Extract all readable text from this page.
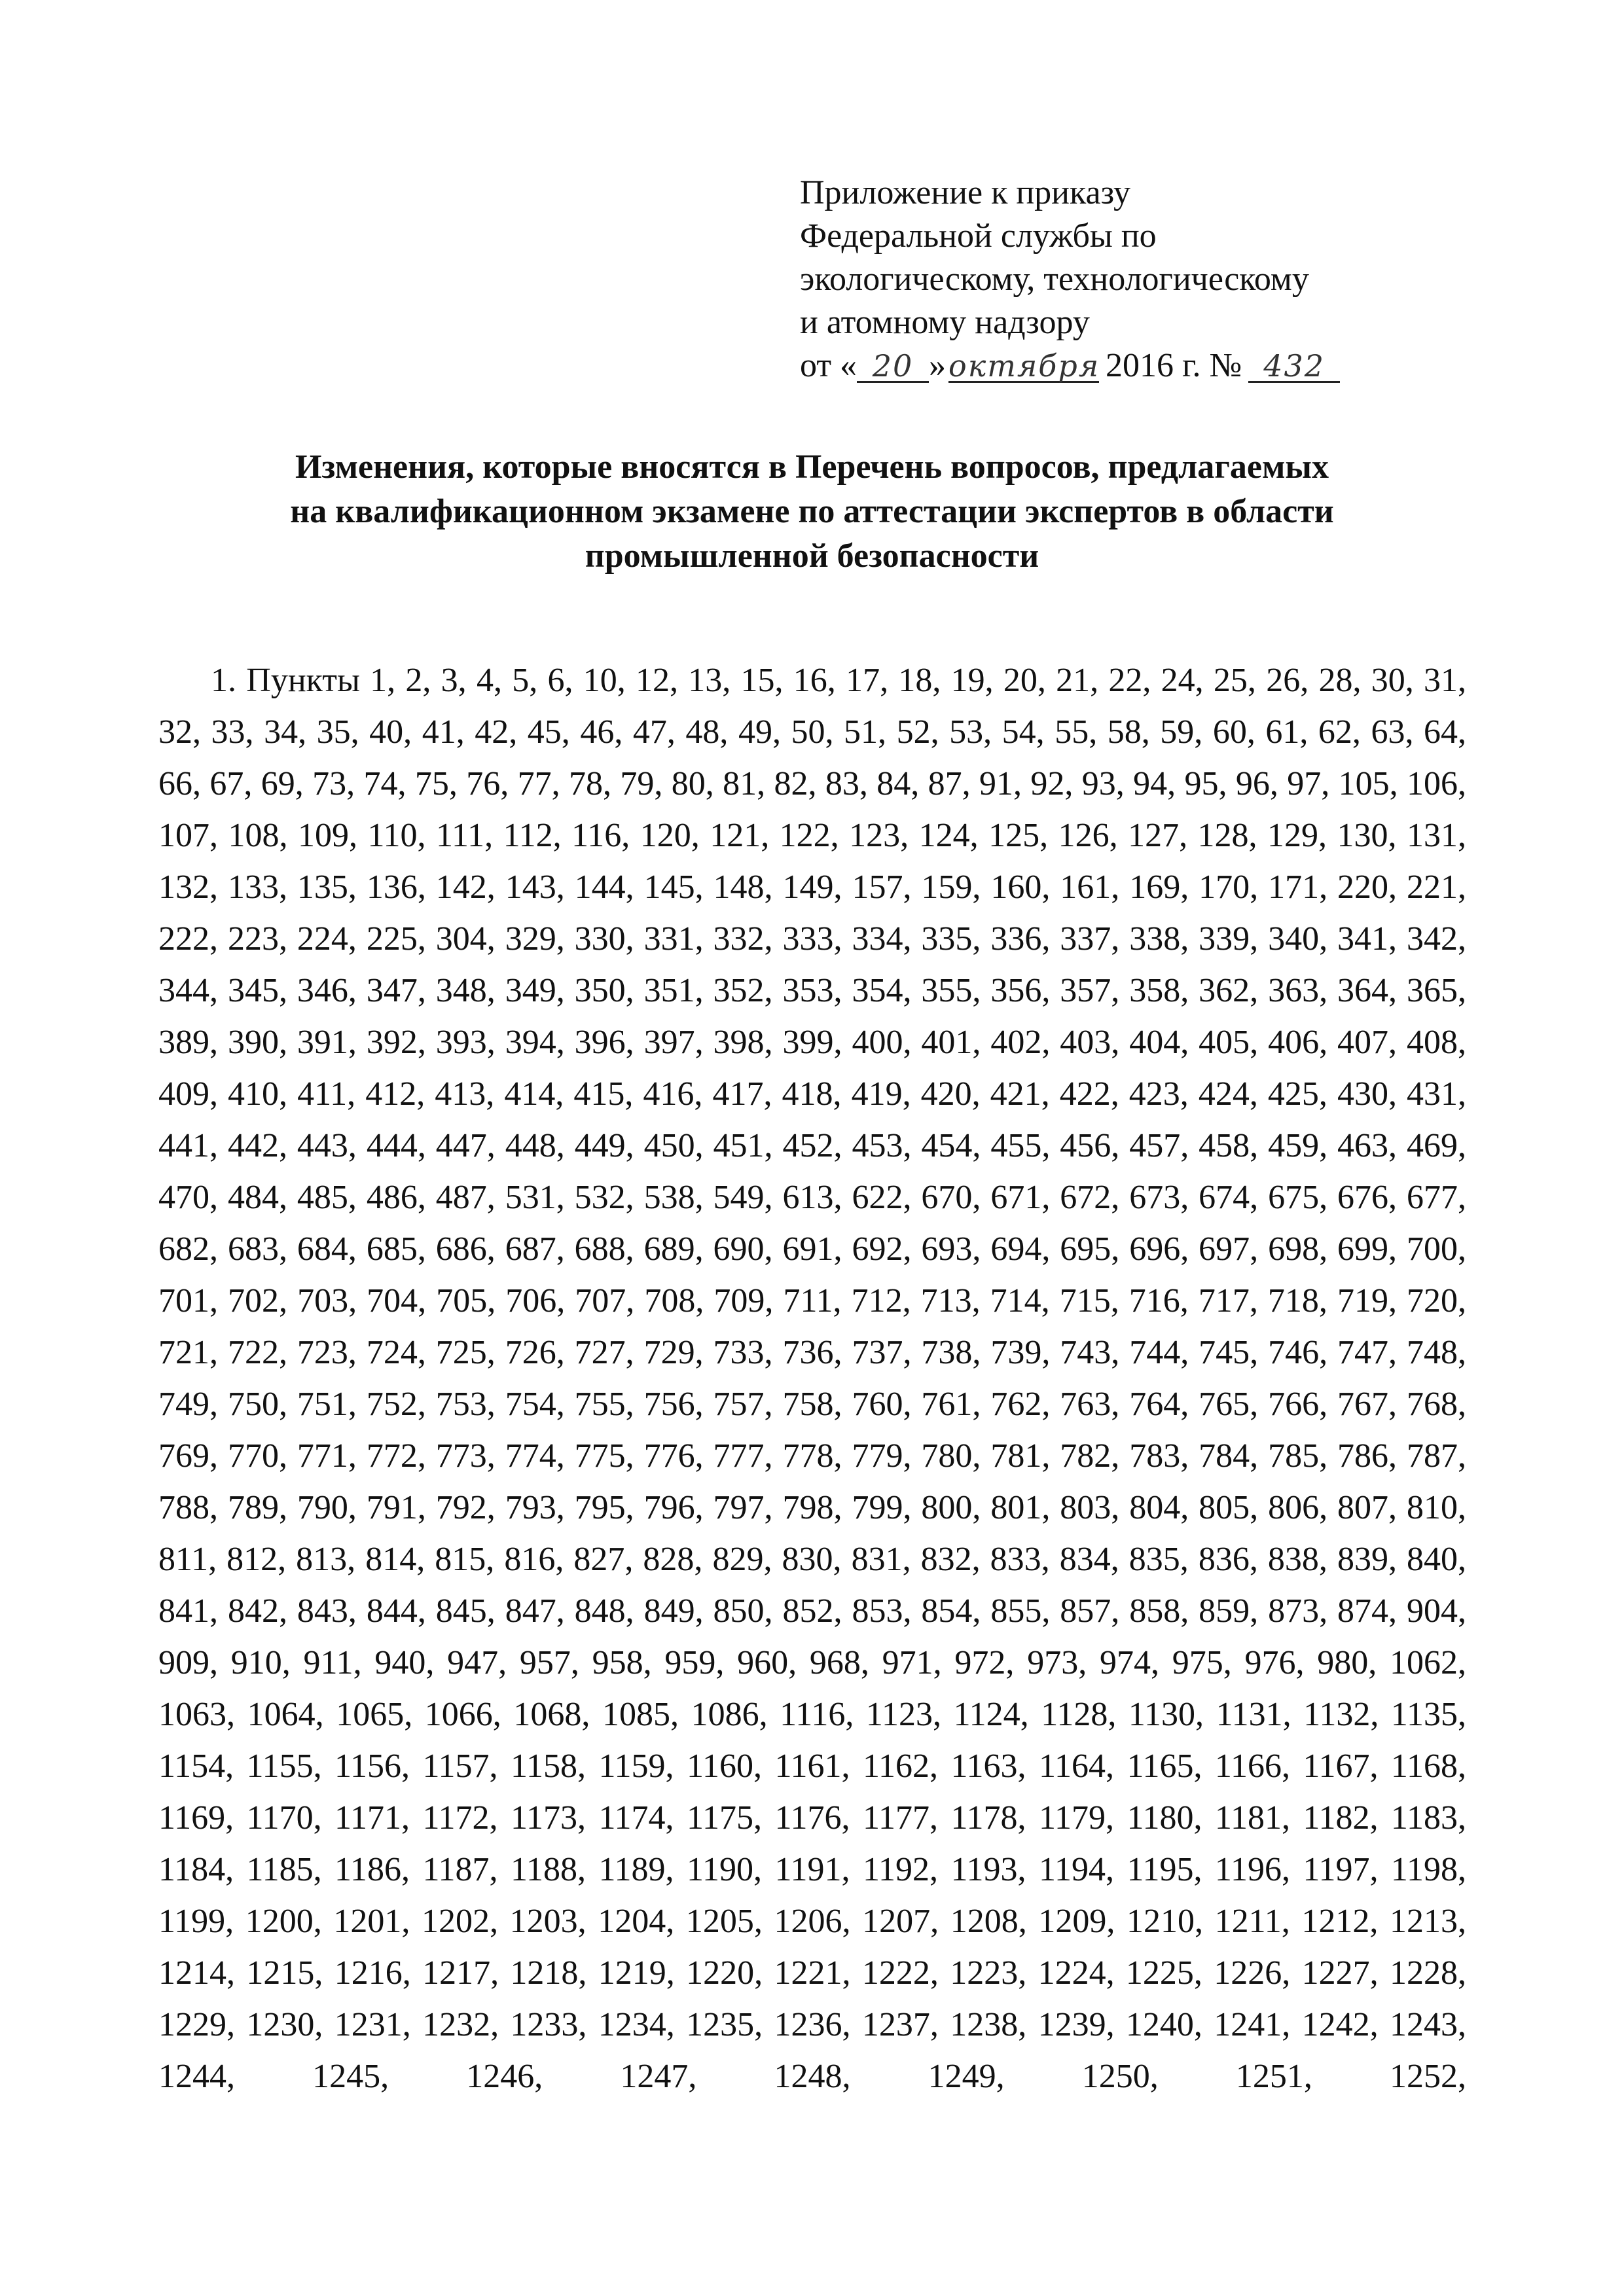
Приложение к приказу
Федеральной службы по
экологическому, технологическому
и атомному надзору
от « 20 » октября 2016 г. № 432
Изменения, которые вносятся в Перечень вопросов, предлагаемых
на квалификационном экзамене по аттестации экспертов в области
промышленной безопасности
1. Пункты 1, 2, 3, 4, 5, 6, 10, 12, 13, 15, 16, 17, 18, 19, 20, 21, 22, 24, 25, 26, 28, 30, 31, 32, 33, 34, 35, 40, 41, 42, 45, 46, 47, 48, 49, 50, 51, 52, 53, 54, 55, 58, 59, 60, 61, 62, 63, 64, 66, 67, 69, 73, 74, 75, 76, 77, 78, 79, 80, 81, 82, 83, 84, 87, 91, 92, 93, 94, 95, 96, 97, 105, 106, 107, 108, 109, 110, 111, 112, 116, 120, 121, 122, 123, 124, 125, 126, 127, 128, 129, 130, 131, 132, 133, 135, 136, 142, 143, 144, 145, 148, 149, 157, 159, 160, 161, 169, 170, 171, 220, 221, 222, 223, 224, 225, 304, 329, 330, 331, 332, 333, 334, 335, 336, 337, 338, 339, 340, 341, 342, 344, 345, 346, 347, 348, 349, 350, 351, 352, 353, 354, 355, 356, 357, 358, 362, 363, 364, 365, 389, 390, 391, 392, 393, 394, 396, 397, 398, 399, 400, 401, 402, 403, 404, 405, 406, 407, 408, 409, 410, 411, 412, 413, 414, 415, 416, 417, 418, 419, 420, 421, 422, 423, 424, 425, 430, 431, 441, 442, 443, 444, 447, 448, 449, 450, 451, 452, 453, 454, 455, 456, 457, 458, 459, 463, 469, 470, 484, 485, 486, 487, 531, 532, 538, 549, 613, 622, 670, 671, 672, 673, 674, 675, 676, 677, 682, 683, 684, 685, 686, 687, 688, 689, 690, 691, 692, 693, 694, 695, 696, 697, 698, 699, 700, 701, 702, 703, 704, 705, 706, 707, 708, 709, 711, 712, 713, 714, 715, 716, 717, 718, 719, 720, 721, 722, 723, 724, 725, 726, 727, 729, 733, 736, 737, 738, 739, 743, 744, 745, 746, 747, 748, 749, 750, 751, 752, 753, 754, 755, 756, 757, 758, 760, 761, 762, 763, 764, 765, 766, 767, 768, 769, 770, 771, 772, 773, 774, 775, 776, 777, 778, 779, 780, 781, 782, 783, 784, 785, 786, 787, 788, 789, 790, 791, 792, 793, 795, 796, 797, 798, 799, 800, 801, 803, 804, 805, 806, 807, 810, 811, 812, 813, 814, 815, 816, 827, 828, 829, 830, 831, 832, 833, 834, 835, 836, 838, 839, 840, 841, 842, 843, 844, 845, 847, 848, 849, 850, 852, 853, 854, 855, 857, 858, 859, 873, 874, 904, 909, 910, 911, 940, 947, 957, 958, 959, 960, 968, 971, 972, 973, 974, 975, 976, 980, 1062, 1063, 1064, 1065, 1066, 1068, 1085, 1086, 1116, 1123, 1124, 1128, 1130, 1131, 1132, 1135, 1154, 1155, 1156, 1157, 1158, 1159, 1160, 1161, 1162, 1163, 1164, 1165, 1166, 1167, 1168, 1169, 1170, 1171, 1172, 1173, 1174, 1175, 1176, 1177, 1178, 1179, 1180, 1181, 1182, 1183, 1184, 1185, 1186, 1187, 1188, 1189, 1190, 1191, 1192, 1193, 1194, 1195, 1196, 1197, 1198, 1199, 1200, 1201, 1202, 1203, 1204, 1205, 1206, 1207, 1208, 1209, 1210, 1211, 1212, 1213, 1214, 1215, 1216, 1217, 1218, 1219, 1220, 1221, 1222, 1223, 1224, 1225, 1226, 1227, 1228, 1229, 1230, 1231, 1232, 1233, 1234, 1235, 1236, 1237, 1238, 1239, 1240, 1241, 1242, 1243, 1244, 1245, 1246, 1247, 1248, 1249, 1250, 1251, 1252,
